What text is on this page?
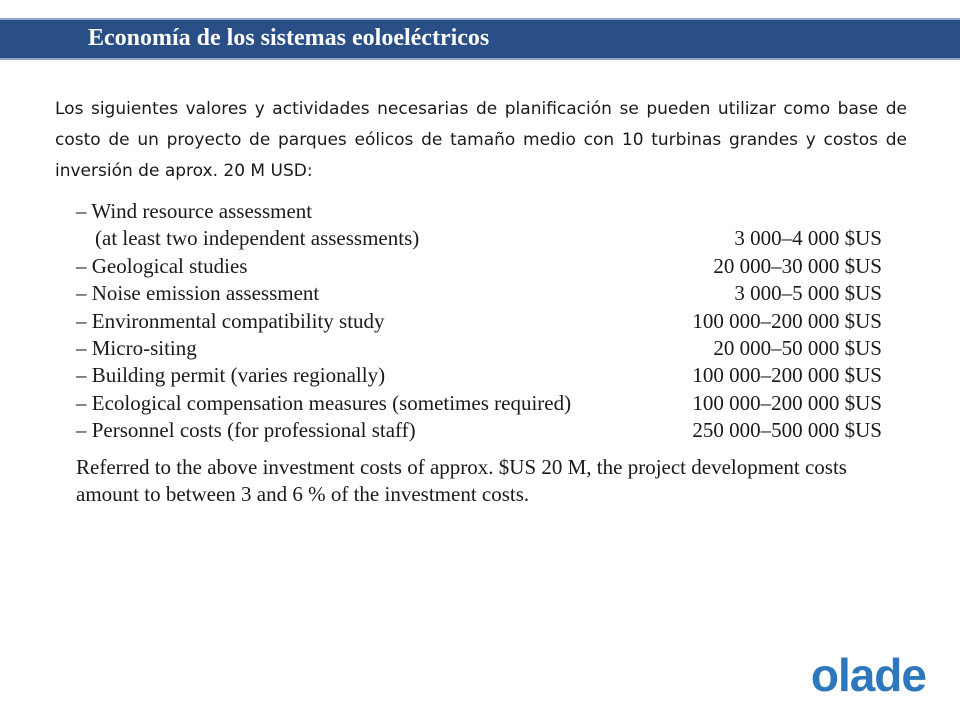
Economía de los sistemas eoloeléctricos

Los siguientes valores y actividades necesarias de planificación se pueden utilizar como base de costo de un proyecto de parques eólicos de tamaño medio con 10 turbinas grandes y costos de inversión de aprox. 20 M USD:

– Wind resource assessment
(at least two independent assessments)	3 000–4 000 $US
– Geological studies	20 000–30 000 $US
– Noise emission assessment	3 000–5 000 $US
– Environmental compatibility study	100 000–200 000 $US
– Micro-siting	20 000–50 000 $US
– Building permit (varies regionally)	100 000–200 000 $US
– Ecological compensation measures (sometimes required)	100 000–200 000 $US
– Personnel costs (for professional staff)	250 000–500 000 $US

Referred to the above investment costs of approx. $US 20 M, the project development costs amount to between 3 and 6 % of the investment costs.

olade
